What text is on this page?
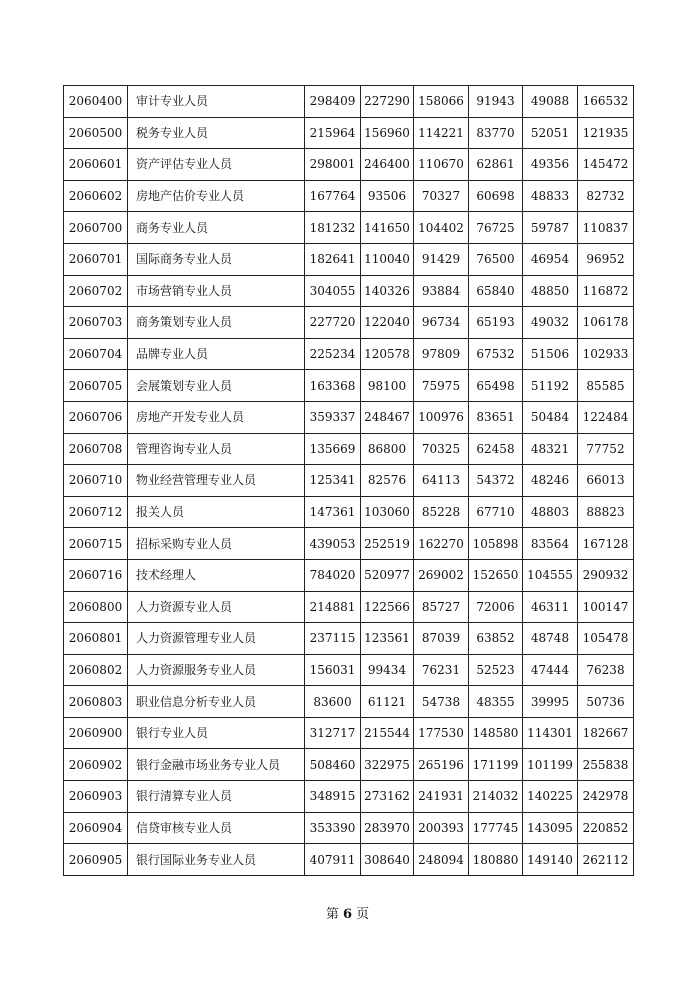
2060400	审计专业人员	298409	227290	158066	91943	49088	166532
2060500	税务专业人员	215964	156960	114221	83770	52051	121935
2060601	资产评估专业人员	298001	246400	110670	62861	49356	145472
2060602	房地产估价专业人员	167764	93506	70327	60698	48833	82732
2060700	商务专业人员	181232	141650	104402	76725	59787	110837
2060701	国际商务专业人员	182641	110040	91429	76500	46954	96952
2060702	市场营销专业人员	304055	140326	93884	65840	48850	116872
2060703	商务策划专业人员	227720	122040	96734	65193	49032	106178
2060704	品牌专业人员	225234	120578	97809	67532	51506	102933
2060705	会展策划专业人员	163368	98100	75975	65498	51192	85585
2060706	房地产开发专业人员	359337	248467	100976	83651	50484	122484
2060708	管理咨询专业人员	135669	86800	70325	62458	48321	77752
2060710	物业经营管理专业人员	125341	82576	64113	54372	48246	66013
2060712	报关人员	147361	103060	85228	67710	48803	88823
2060715	招标采购专业人员	439053	252519	162270	105898	83564	167128
2060716	技术经理人	784020	520977	269002	152650	104555	290932
2060800	人力资源专业人员	214881	122566	85727	72006	46311	100147
2060801	人力资源管理专业人员	237115	123561	87039	63852	48748	105478
2060802	人力资源服务专业人员	156031	99434	76231	52523	47444	76238
2060803	职业信息分析专业人员	83600	61121	54738	48355	39995	50736
2060900	银行专业人员	312717	215544	177530	148580	114301	182667
2060902	银行金融市场业务专业人员	508460	322975	265196	171199	101199	255838
2060903	银行清算专业人员	348915	273162	241931	214032	140225	242978
2060904	信贷审核专业人员	353390	283970	200393	177745	143095	220852
2060905	银行国际业务专业人员	407911	308640	248094	180880	149140	262112
第 6 页
